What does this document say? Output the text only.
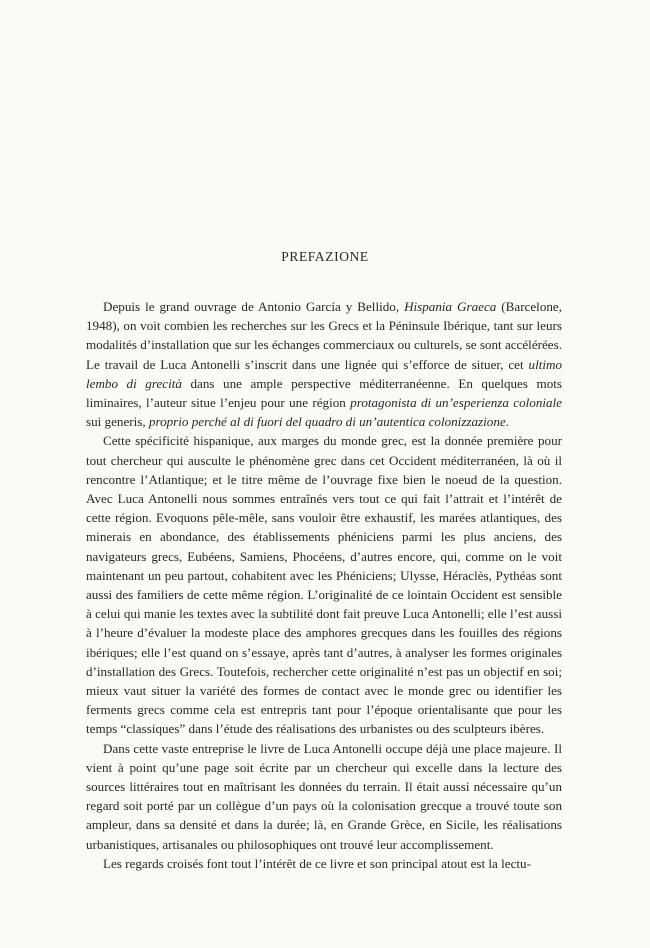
PREFAZIONE

Depuis le grand ouvrage de Antonio García y Bellido, Hispania Graeca (Barcelone, 1948), on voit combien les recherches sur les Grecs et la Péninsule Ibérique, tant sur leurs modalités d’installation que sur les échanges commerciaux ou culturels, se sont accélérées. Le travail de Luca Antonelli s’inscrit dans une lignée qui s’efforce de situer, cet ultimo lembo di grecità dans une ample perspective méditerranéenne. En quelques mots liminaires, l’auteur situe l’enjeu pour une région protagonista di un’esperienza coloniale sui generis, proprio perché al di fuori del quadro di un’autentica colonizzazione.

Cette spécificité hispanique, aux marges du monde grec, est la donnée première pour tout chercheur qui ausculte le phénomène grec dans cet Occident méditerranéen, là où il rencontre l’Atlantique; et le titre même de l’ouvrage fixe bien le noeud de la question. Avec Luca Antonelli nous sommes entraînés vers tout ce qui fait l’attrait et l’intérêt de cette région. Evoquons pêle-mêle, sans vouloir être exhaustif, les marées atlantiques, des minerais en abondance, des établissements phéniciens parmi les plus anciens, des navigateurs grecs, Eubéens, Samiens, Phocéens, d’autres encore, qui, comme on le voit maintenant un peu partout, cohabitent avec les Phéniciens; Ulysse, Héraclès, Pythéas sont aussi des familiers de cette même région. L’originalité de ce lointain Occident est sensible à celui qui manie les textes avec la subtilité dont fait preuve Luca Antonelli; elle l’est aussi à l’heure d’évaluer la modeste place des amphores grecques dans les fouilles des régions ibériques; elle l’est quand on s’essaye, après tant d’autres, à analyser les formes originales d’installation des Grecs. Toutefois, rechercher cette originalité n’est pas un objectif en soi; mieux vaut situer la variété des formes de contact avec le monde grec ou identifier les ferments grecs comme cela est entrepris tant pour l’époque orientalisante que pour les temps “classiques” dans l’étude des réalisations des urbanistes ou des sculpteurs ibères.

Dans cette vaste entreprise le livre de Luca Antonelli occupe déjà une place majeure. Il vient à point qu’une page soit écrite par un chercheur qui excelle dans la lecture des sources littéraires tout en maîtrisant les données du terrain. Il était aussi nécessaire qu’un regard soit porté par un collègue d’un pays où la colonisation grecque a trouvé toute son ampleur, dans sa densité et dans la durée; là, en Grande Grèce, en Sicile, les réalisations urbanistiques, artisanales ou philosophiques ont trouvé leur accomplissement.

Les regards croisés font tout l’intérêt de ce livre et son principal atout est la lectu-
